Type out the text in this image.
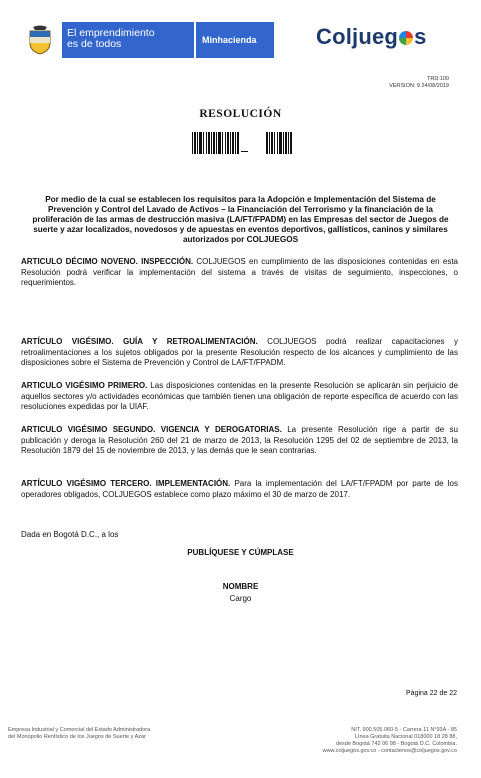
El emprendimiento
es de todos	Minhacienda	Coljueg s
TRD:100
VERSION: 9 24/08/2019
RESOLUCIÓN
Por medio de la cual se establecen los requisitos para la Adopción e Implementación del Sistema de Prevención y Control del Lavado de Activos – la Financiación del Terrorismo y la financiación de la proliferación de las armas de destrucción masiva (LA/FT/FPADM) en las Empresas del sector de Juegos de suerte y azar localizados, novedosos y de apuestas en eventos deportivos, gallísticos, caninos y similares autorizados por COLJUEGOS
ARTICULO DÉCIMO NOVENO. INSPECCIÓN. COLJUEGOS en cumplimiento de las disposiciones contenidas en esta Resolución podrá verificar la implementación del sistema a través de visitas de seguimiento, inspecciones, o requerimientos.
ARTÍCULO VIGÉSIMO. GUÍA Y RETROALIMENTACIÓN. COLJUEGOS podrá realizar capacitaciones y retroalimentaciones a los sujetos obligados por la presente Resolución respecto de los alcances y cumplimiento de las disposiciones sobre el Sistema de Prevención y Control de LA/FT/FPADM.
ARTICULO VIGÉSIMO PRIMERO. Las disposiciones contenidas en la presente Resolución se aplicarán sin perjuicio de aquellos sectores y/o actividades económicas que también tienen una obligación de reporte específica de acuerdo con las resoluciones expedidas por la UIAF.
ARTICULO VIGÉSIMO SEGUNDO. VIGENCIA Y DEROGATORIAS. La presente Resolución rige a partir de su publicación y deroga la Resolución 260 del 21 de marzo de 2013, la Resolución 1295 del 02 de septiembre de 2013, la Resolución 1879 del 15 de noviembre de 2013, y las demás que le sean contrarias.
ARTÍCULO VIGÉSIMO TERCERO. IMPLEMENTACIÓN. Para la implementación del LA/FT/FPADM por parte de los operadores obligados, COLJUEGOS establece como plazo máximo el 30 de marzo de 2017.
Dada en Bogotá D.C., a los
PUBLÍQUESE Y CÚMPLASE
NOMBRE
Cargo
Página 22 de 22
Empresa Industrial y Comercial del Estado Administradora
del Monopolio Rentístico de los Juegos de Suerte y Azar
NIT. 900.505.060-5 - Carrera 11 N°93A - 85
Línea Gratuita Nacional 018000 18 28 88,
desde Bogotá 742 06 98 - Bogotá D.C. Colombia.
www.coljuegos.gov.co - contactenos@coljuegos.gov.co
